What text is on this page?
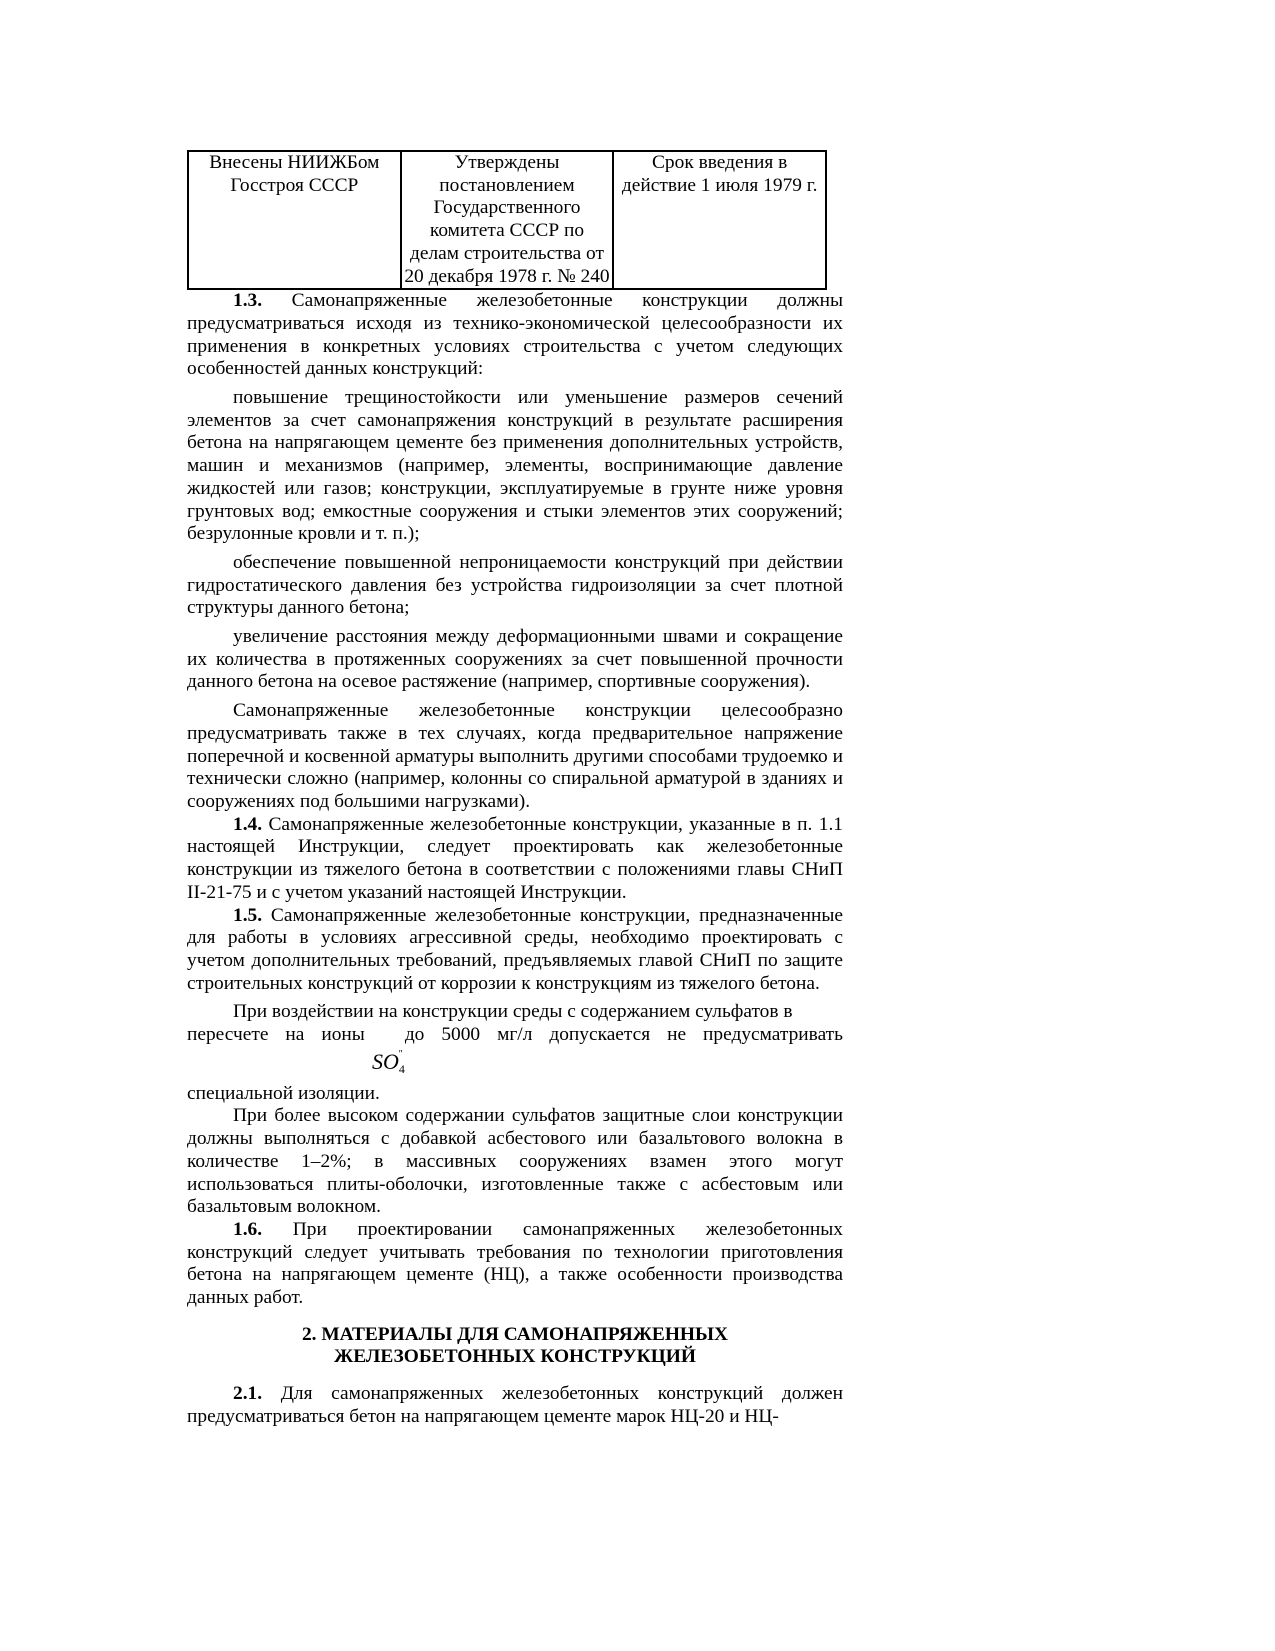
Внесены НИИЖБом Госстроя СССР	Утверждены постановлением Государственного комитета СССР по делам строительства от 20 декабря 1978 г. № 240	Срок введения в действие 1 июля 1979 г.

1.3. Самонапряженные железобетонные конструкции должны предусматриваться исходя из технико-экономической целесообразности их применения в конкретных условиях строительства с учетом следующих особенностей данных конструкций:

повышение трещиностойкости или уменьшение размеров сечений элементов за счет самонапряжения конструкций в результате расширения бетона на напрягающем цементе без применения дополнительных устройств, машин и механизмов (например, элементы, воспринимающие давление жидкостей или газов; конструкции, эксплуатируемые в грунте ниже уровня грунтовых вод; емкостные сооружения и стыки элементов этих сооружений; безрулонные кровли и т. п.);

обеспечение повышенной непроницаемости конструкций при действии гидростатического давления без устройства гидроизоляции за счет плотной структуры данного бетона;

увеличение расстояния между деформационными швами и сокращение их количества в протяженных сооружениях за счет повышенной прочности данного бетона на осевое растяжение (например, спортивные сооружения).

Самонапряженные железобетонные конструкции целесообразно предусматривать также в тех случаях, когда предварительное напряжение поперечной и косвенной арматуры выполнить другими способами трудоемко и технически сложно (например, колонны со спиральной арматурой в зданиях и сооружениях под большими нагрузками).

1.4. Самонапряженные железобетонные конструкции, указанные в п. 1.1 настоящей Инструкции, следует проектировать как железобетонные конструкции из тяжелого бетона в соответствии с положениями главы СНиП II-21-75 и с учетом указаний настоящей Инструкции.

1.5. Самонапряженные железобетонные конструкции, предназначенные для работы в условиях агрессивной среды, необходимо проектировать с учетом дополнительных требований, предъявляемых главой СНиП по защите строительных конструкций от коррозии к конструкциям из тяжелого бетона.

При воздействии на конструкции среды с содержанием сульфатов в

пересчете на ионы до 5000 мг/л допускается не предусматривать

$SO_4''$

специальной изоляции.

При более высоком содержании сульфатов защитные слои конструкции должны выполняться с добавкой асбестового или базальтового волокна в количестве 1–2%; в массивных сооружениях взамен этого могут использоваться плиты-оболочки, изготовленные также с асбестовым или базальтовым волокном.

1.6. При проектировании самонапряженных железобетонных конструкций следует учитывать требования по технологии приготовления бетона на напрягающем цементе (НЦ), а также особенности производства данных работ.

2. МАТЕРИАЛЫ ДЛЯ САМОНАПРЯЖЕННЫХ
ЖЕЛЕЗОБЕТОННЫХ КОНСТРУКЦИЙ

2.1. Для самонапряженных железобетонных конструкций должен предусматриваться бетон на напрягающем цементе марок НЦ-20 и НЦ-
